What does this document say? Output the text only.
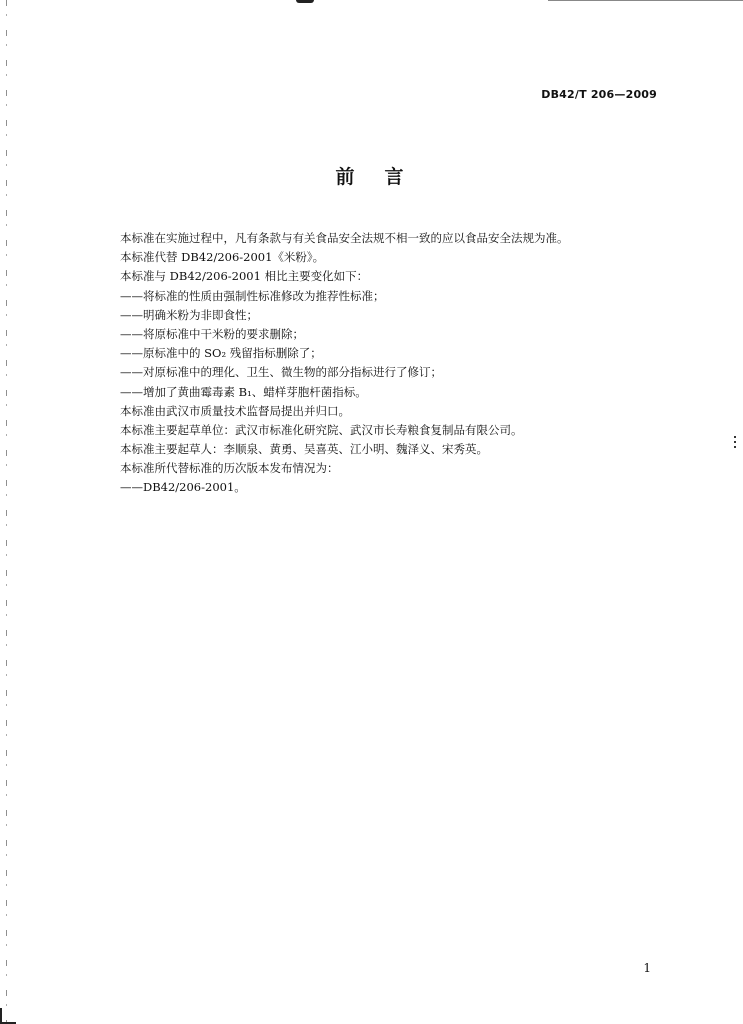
DB42/T 206—2009
前言
本标准在实施过程中，凡有条款与有关食品安全法规不相一致的应以食品安全法规为准。
本标准代替 DB42/206-2001《米粉》。
本标准与 DB42/206-2001 相比主要变化如下：
——将标准的性质由强制性标准修改为推荐性标准；
——明确米粉为非即食性；
——将原标准中干米粉的要求删除；
——原标准中的 SO₂ 残留指标删除了；
——对原标准中的理化、卫生、微生物的部分指标进行了修订；
——增加了黄曲霉毒素 B₁、蜡样芽胞杆菌指标。
本标准由武汉市质量技术监督局提出并归口。
本标准主要起草单位：武汉市标准化研究院、武汉市长寿粮食复制品有限公司。
本标准主要起草人：李顺泉、黄勇、吴喜英、江小明、魏泽义、宋秀英。
本标准所代替标准的历次版本发布情况为：
——DB42/206-2001。
1
